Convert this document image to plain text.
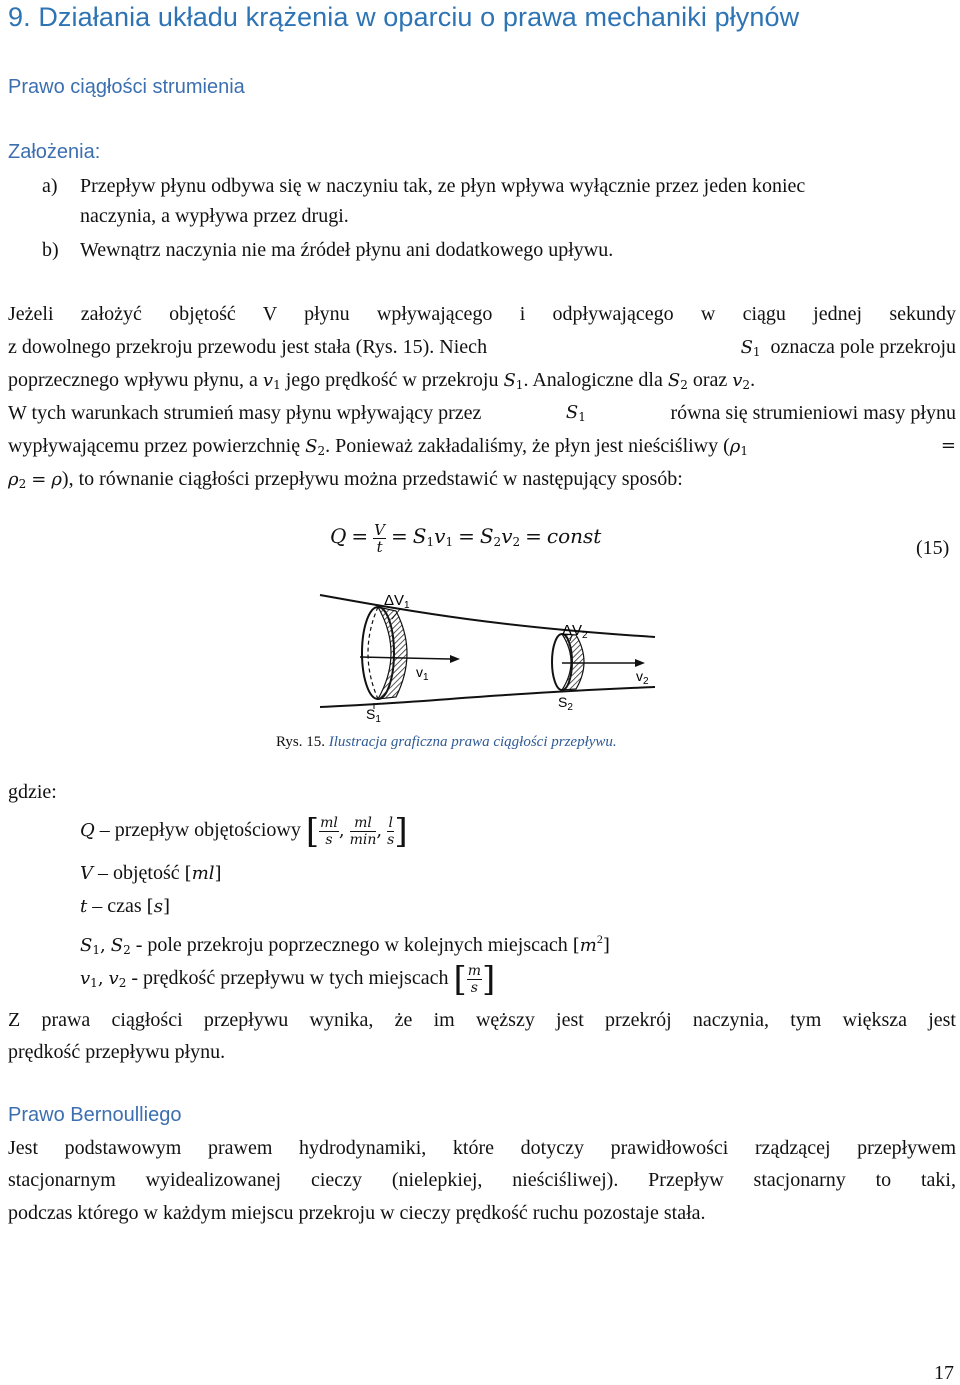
9. Działania układu krążenia w oparciu o prawa mechaniki płynów
Prawo ciągłości strumienia
Założenia:
a) Przepływ płynu odbywa się w naczyniu tak, ze płyn wpływa wyłącznie przez jeden koniec
naczynia, a wypływa przez drugi.
b) Wewnątrz naczynia nie ma źródeł płynu ani dodatkowego upływu.
Jeżeli założyć objętość V płynu wpływającego i odpływającego w ciągu jednej sekundy
z dowolnego przekroju przewodu jest stała (Rys. 15). Niech	$S_1$ oznacza pole przekroju
poprzecznego wpływu płynu, a $v_1$ jego prędkość w przekroju $S_1$. Analogiczne dla $S_2$ oraz $v_2$.
W tych warunkach strumień masy płynu wpływający przez	$S_1$	równa się strumieniowi masy płynu
wypływającemu przez powierzchnię $S_2$. Ponieważ zakładaliśmy, że płyn jest nieściśliwy ($\rho_1$	=
$\rho_2 = \rho$), to równanie ciągłości przepływu można przedstawić w następujący sposób:
$Q = \frac{V}{t} = S_1v_1 = S_2v_2$ = const	(15)
$\Delta V_1$
$v_1$
$S_1$
$\Delta V_2$
$v_2$
$S_2$
Rys. 15. Ilustracja graficzna prawa ciągłości przepływu.
gdzie:
Q – przepływ objętościowy [ $\frac{ml}{s}$ , $\frac{ml}{\min}$ , $\frac{l}{s}$ ]
V – objętość [ml]
t – czas [s]
$S_1$, $S_2$ - pole przekroju poprzecznego w kolejnych miejscach $[m^2]$
$v_1$, $v_2$ - prędkość przepływu w tych miejscach [ $\frac{m}{s}$ ]
Z prawa ciągłości przepływu wynika, że im węższy jest przekrój naczynia, tym większa jest
prędkość przepływu płynu.
Prawo Bernoulliego
Jest podstawowym prawem hydrodynamiki, które dotyczy prawidłowości rządzącej przepływem
stacjonarnym wyidealizowanej cieczy (nielepkiej, nieściśliwej). Przepływ stacjonarny to taki,
podczas którego w każdym miejscu przekroju w cieczy prędkość ruchu pozostaje stała.
17
